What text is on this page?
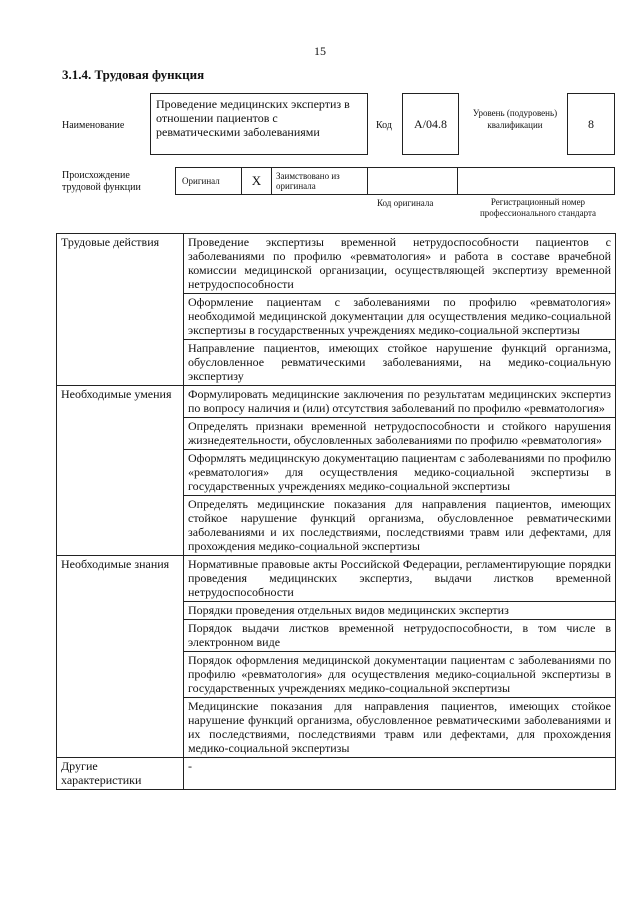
15
3.1.4. Трудовая функция
Наименование
Проведение медицинских экспертиз в отношении пациентов с ревматическими заболеваниями	Код	A/04.8
Уровень (подуровень) квалификации	8
Происхождение трудовой функции
Оригинал X Заимствовано из оригинала
Код оригинала	Регистрационный номер профессионального стандарта
Трудовые действия	Проведение экспертизы временной нетрудоспособности пациентов с заболеваниями по профилю «ревматология» и работа в составе врачебной комиссии медицинской организации, осуществляющей экспертизу временной нетрудоспособности
	Оформление пациентам с заболеваниями по профилю «ревматология» необходимой медицинской документации для осуществления медико-социальной экспертизы в государственных учреждениях медико-социальной экспертизы
	Направление пациентов, имеющих стойкое нарушение функций организма, обусловленное ревматическими заболеваниями, на медико-социальную экспертизу
Необходимые умения	Формулировать медицинские заключения по результатам медицинских экспертиз по вопросу наличия и (или) отсутствия заболеваний по профилю «ревматология»
	Определять признаки временной нетрудоспособности и стойкого нарушения жизнедеятельности, обусловленных заболеваниями по профилю «ревматология»
	Оформлять медицинскую документацию пациентам с заболеваниями по профилю «ревматология» для осуществления медико-социальной экспертизы в государственных учреждениях медико-социальной экспертизы
	Определять медицинские показания для направления пациентов, имеющих стойкое нарушение функций организма, обусловленное ревматическими заболеваниями и их последствиями, последствиями травм или дефектами, для прохождения медико-социальной экспертизы
Необходимые знания	Нормативные правовые акты Российской Федерации, регламентирующие порядки проведения медицинских экспертиз, выдачи листков временной нетрудоспособности
	Порядки проведения отдельных видов медицинских экспертиз
	Порядок выдачи листков временной нетрудоспособности, в том числе в электронном виде
	Порядок оформления медицинской документации пациентам с заболеваниями по профилю «ревматология» для осуществления медико-социальной экспертизы в государственных учреждениях медико-социальной экспертизы
	Медицинские показания для направления пациентов, имеющих стойкое нарушение функций организма, обусловленное ревматическими заболеваниями и их последствиями, последствиями травм или дефектами, для прохождения медико-социальной экспертизы
Другие характеристики	-
